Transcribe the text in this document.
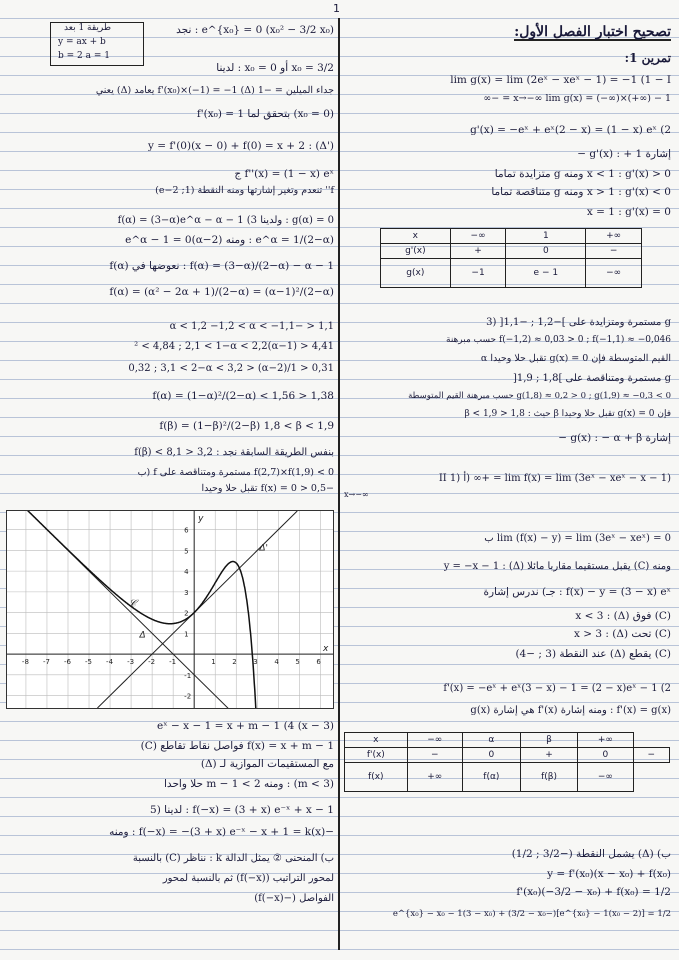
1
طريقة 1 بعد
y = ax + b
b = 2 a = 1
(x₀² − 3/2 x₀) e^{x₀} = 0 : نجد
x₀ = 3/2 أو x₀ = 0 : لدينا
جداء الميلين = −1 f'(x₀)×(−1) = −1 (Δ) يعامد (Δ) يعني
(x₀ = 0) بتحقق لما f'(x₀) = 1
y = f'(0)(x − 0) + f(0) = x + 2 : (Δ')
f''(x) = (1 − x) eˣ ج
f'' تنعدم وتغير إشارتها ومنه النقطة (1; e−2)
g(α) = 0 : ولدينا f(α) = (3−α)e^α − α − 1 (3
e^α = 1/(2−α) : ومنه (2−α)e^α − 1 = 0
f(α) = (3−α)/(2−α) − α − 1 : نعوضها في f(α)
f(α) = (α² − 2α + 1)/(2−α) = (α−1)²/(2−α)
1,1 < −α < 1,2 −1,2 < α < −1,1
4,41 < (1−α)² < 4,84 ; 2,1 < 1−α < 2,2
0,31 < 1/(2−α) < 0,32 ; 3,1 < 2−α < 3,2
1,38 < f(α) = (1−α)²/(2−α) < 1,56
f(β) = (1−β)²/(2−β) 1,8 < β < 1,9
بنفس الطريقة السابقة نجد : 3,2 < f(β) < 8,1
f(2,7)×f(1,9) < 0 مستمرة ومتناقصة على f (ب
−0,5 < f(x) = 0 تقبل حلا وحيدا
(3 − x) eˣ − x − 1 = x + m − 1 (4
f(x) = x + m − 1 فواصل نقاط تقاطع (C)
مع المستقيمات الموازية لـ (Δ)
(m < 3) : ومنه m − 1 < 2 حلا واحدا
f(−x) = (3 + x) e⁻ˣ + x − 1 : لدينا (5
−f(−x) = −(3 + x) e⁻ˣ − x + 1 = k(x) : ومنه
ب) المنحنى ② يمثل الدالة k : نناظر (C) بالنسبة
لمحور التراتيب (f(−x)) ثم بالنسبة لمحور
الفواصل (−f(−x))
-8 -7 -6 -5 -4 -3 -2 -1	1 2 3 4 5 6
6
5
4
3
2
1
-1
-2
x
y
𝒞
Δ
Δ'
تصحيح اختبار الفصل الأول:
تمرين 1:
lim g(x) = lim (2eˣ − xeˣ − 1) = −1 (1 − I
x→−∞ lim g(x) = (−∞)×(+∞) − 1 = −∞
g'(x) = −eˣ + eˣ(2 − x) = (1 − x) eˣ (2
إشارة g'(x) : + 1 −
x < 1 : g'(x) > 0 ومنه g متزايدة تماما
x > 1 : g'(x) < 0 ومنه g متناقصة تماما
x = 1 : g'(x) = 0
x	−∞	1	+∞
g'(x)	+	0	−
g(x)	−1	e − 1	−∞
g مستمرة ومتزايدة على ]−1,2 ; −1,1[ (3
f(−1,2) ≈ 0,03 > 0 ; f(−1,1) ≈ −0,046 حسب مبرهنة
القيم المتوسطة فإن g(x) = 0 تقبل حلا وحيدا α
g مستمرة ومتناقصة على ]1,8 ; 1,9[
g(1,8) ≈ 0,2 > 0 ; g(1,9) ≈ −0,3 < 0 حسب مبرهنة القيم المتوسطة
فإن g(x) = 0 تقبل حلا وحيدا β حيث : 1,8 < β < 1,9
إشارة g(x) : − α + β −
lim f(x) = lim (3eˣ − xeˣ − x − 1) = +∞ (أ (1 II
x→−∞
lim (f(x) − y) = lim (3eˣ − xeˣ) = 0 ب
ومنه (C) يقبل مستقيما مقاربا مائلا (Δ) : y = −x − 1
f(x) − y = (3 − x) eˣ : جـ) ندرس إشارة
(C) فوق (Δ) : x < 3
(C) تحت (Δ) : x > 3
(C) يقطع (Δ) عند النقطة (3 ; −4)
f'(x) = −eˣ + eˣ(3 − x) − 1 = (2 − x)eˣ − 1 (2
f'(x) = g(x) : ومنه إشارة f'(x) هي إشارة g(x)
x	−∞	α	β	+∞	
f'(x)	−	0	+	0	−
f(x)	+∞	f(α)	f(β)	−∞	
ب) (Δ) يشمل النقطة (−3/2 ; 1/2)
y = f'(x₀)(x − x₀) + f(x₀)
1/2 = f'(x₀)(−3/2 − x₀) + f(x₀)
1/2 = [(2 − x₀)e^{x₀} − 1](−3/2 − x₀) + (3 − x₀)e^{x₀} − x₀ − 1
